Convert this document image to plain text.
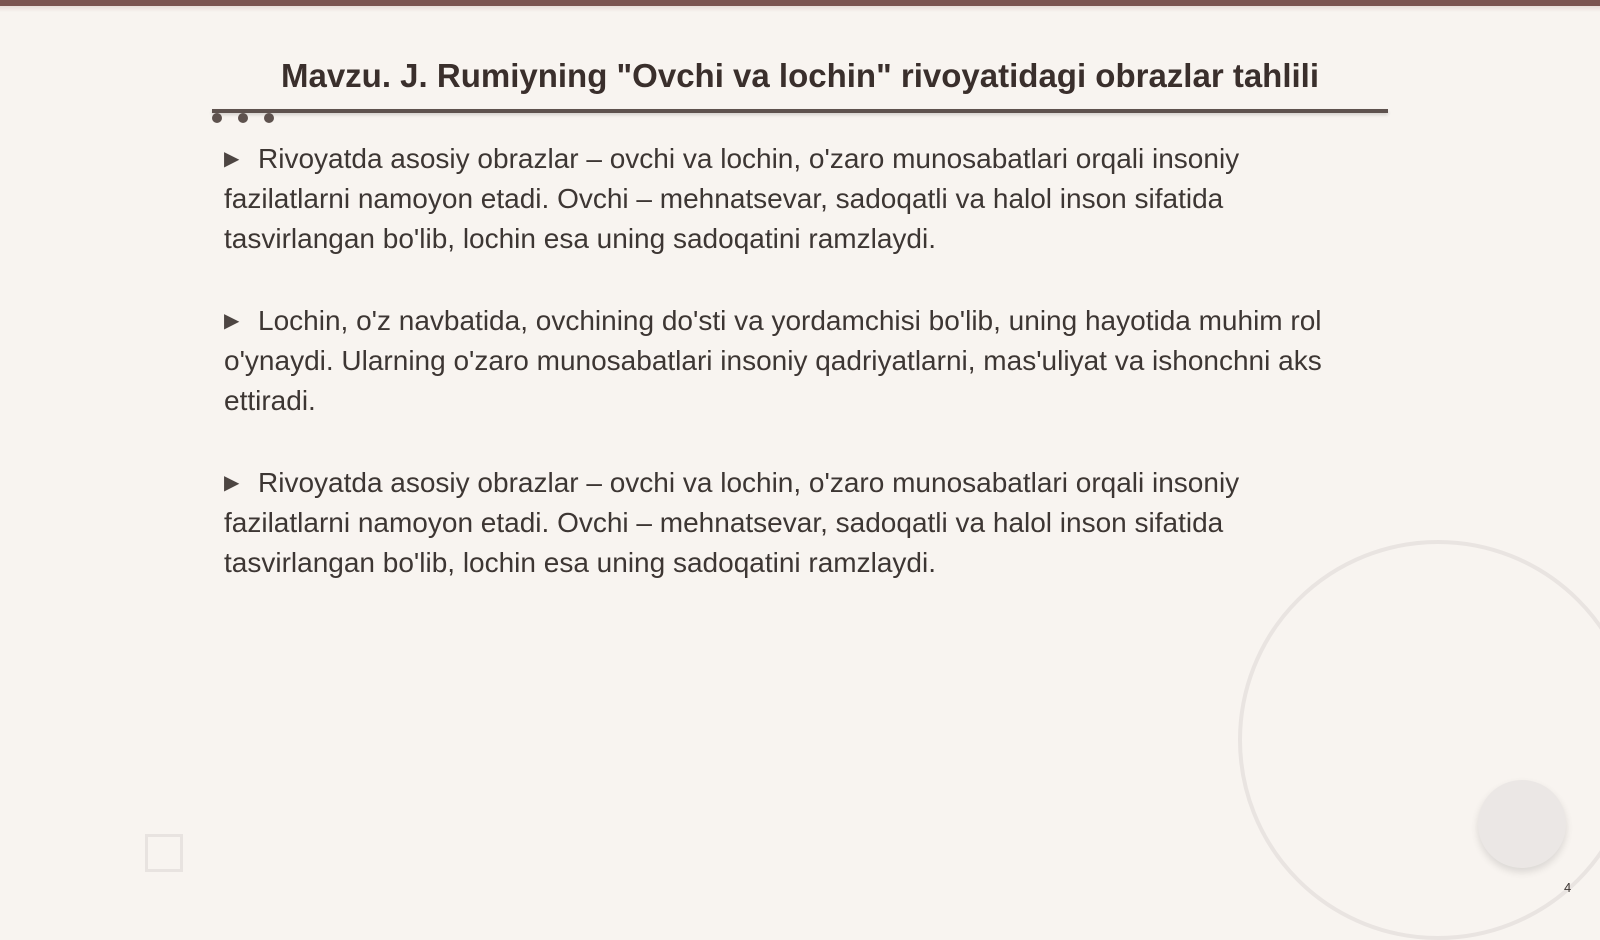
Mavzu. J. Rumiyning "Ovchi va lochin" rivoyatidagi obrazlar tahlili

▶ Rivoyatda asosiy obrazlar – ovchi va lochin, o'zaro munosabatlari orqali insoniy fazilatlarni namoyon etadi. Ovchi – mehnatsevar, sadoqatli va halol inson sifatida tasvirlangan bo'lib, lochin esa uning sadoqatini ramzlaydi.

▶ Lochin, o'z navbatida, ovchining do'sti va yordamchisi bo'lib, uning hayotida muhim rol o'ynaydi. Ularning o'zaro munosabatlari insoniy qadriyatlarni, mas'uliyat va ishonchni aks ettiradi.

▶ Rivoyatda asosiy obrazlar – ovchi va lochin, o'zaro munosabatlari orqali insoniy fazilatlarni namoyon etadi. Ovchi – mehnatsevar, sadoqatli va halol inson sifatida tasvirlangan bo'lib, lochin esa uning sadoqatini ramzlaydi.

4
